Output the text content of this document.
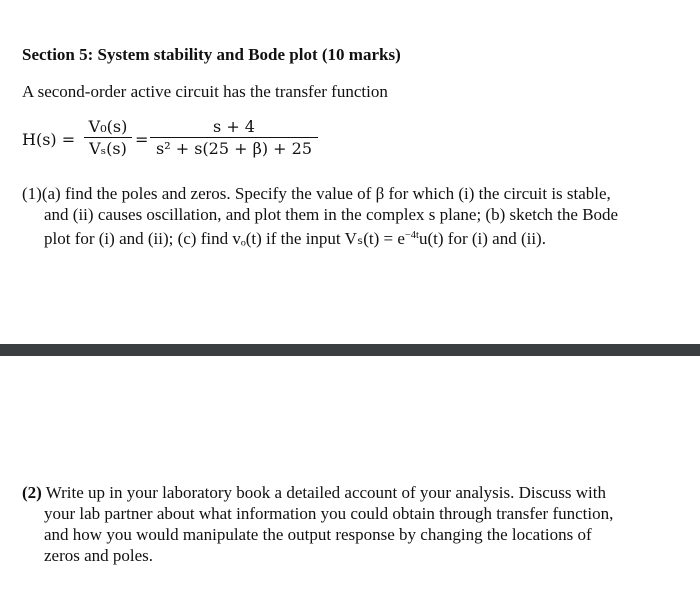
Section 5: System stability and Bode plot (10 marks)
A second-order active circuit has the transfer function
H(s) =
V₀(s)
Vₛ(s) =
s + 4
s² + s(25 + β) + 25
(1)(a) find the poles and zeros. Specify the value of β for which (i) the circuit is stable,
and (ii) causes oscillation, and plot them in the complex s plane; (b) sketch the Bode
plot for (i) and (ii); (c) find vₒ(t) if the input $V_s(t) = e^{-4t}u(t)$ for (i) and (ii).
(2) Write up in your laboratory book a detailed account of your analysis. Discuss with
your lab partner about what information you could obtain through transfer function,
and how you would manipulate the output response by changing the locations of
zeros and poles.
